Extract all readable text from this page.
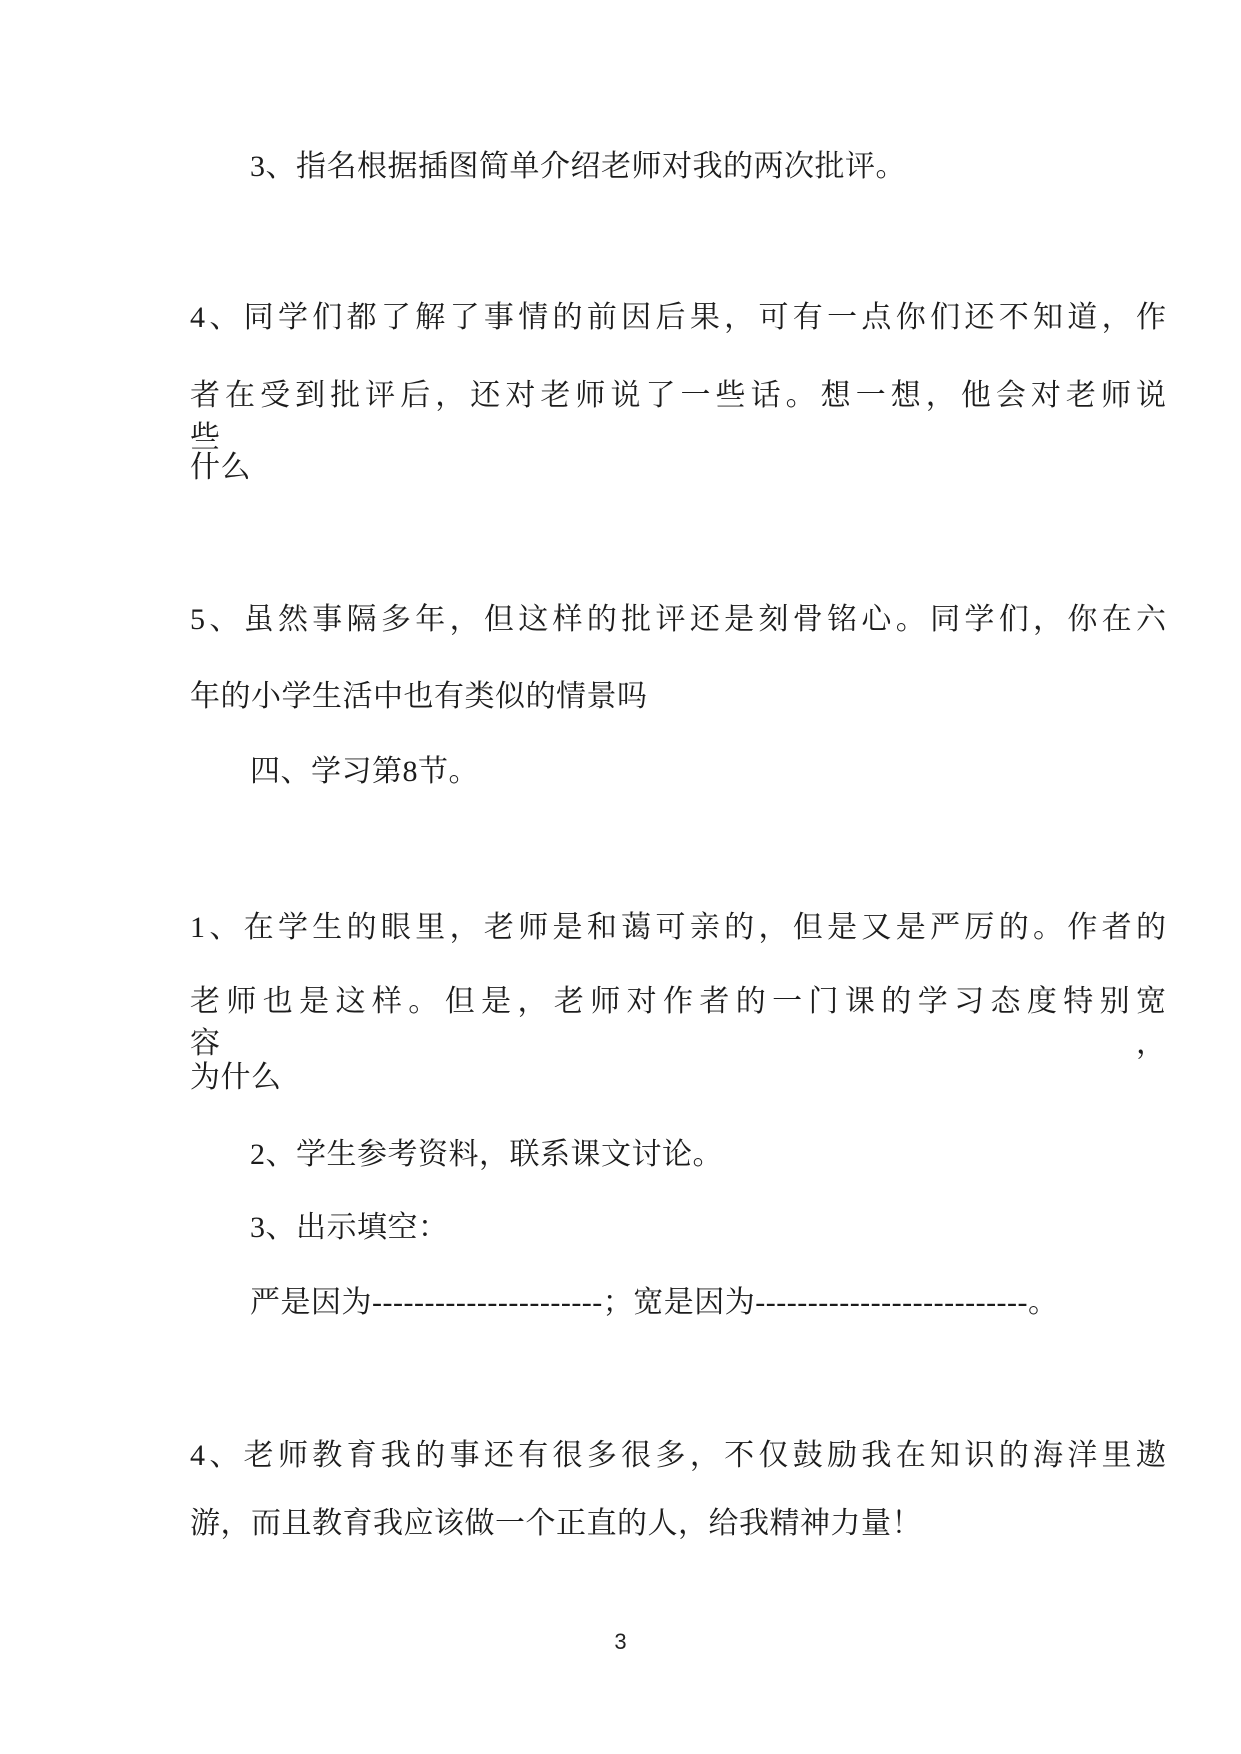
3、指名根据插图简单介绍老师对我的两次批评。
4、同学们都了解了事情的前因后果，可有一点你们还不知道，作
者在受到批评后，还对老师说了一些话。想一想，他会对老师说些
什么
5、虽然事隔多年，但这样的批评还是刻骨铭心。同学们，你在六
年的小学生活中也有类似的情景吗
四、学习第8节。
1、在学生的眼里，老师是和蔼可亲的，但是又是严厉的。作者的
老师也是这样。但是，老师对作者的一门课的学习态度特别宽容，
为什么
2、学生参考资料，联系课文讨论。
3、出示填空：
严是因为----------------------；宽是因为--------------------------。
4、老师教育我的事还有很多很多，不仅鼓励我在知识的海洋里遨
游，而且教育我应该做一个正直的人，给我精神力量！
3
